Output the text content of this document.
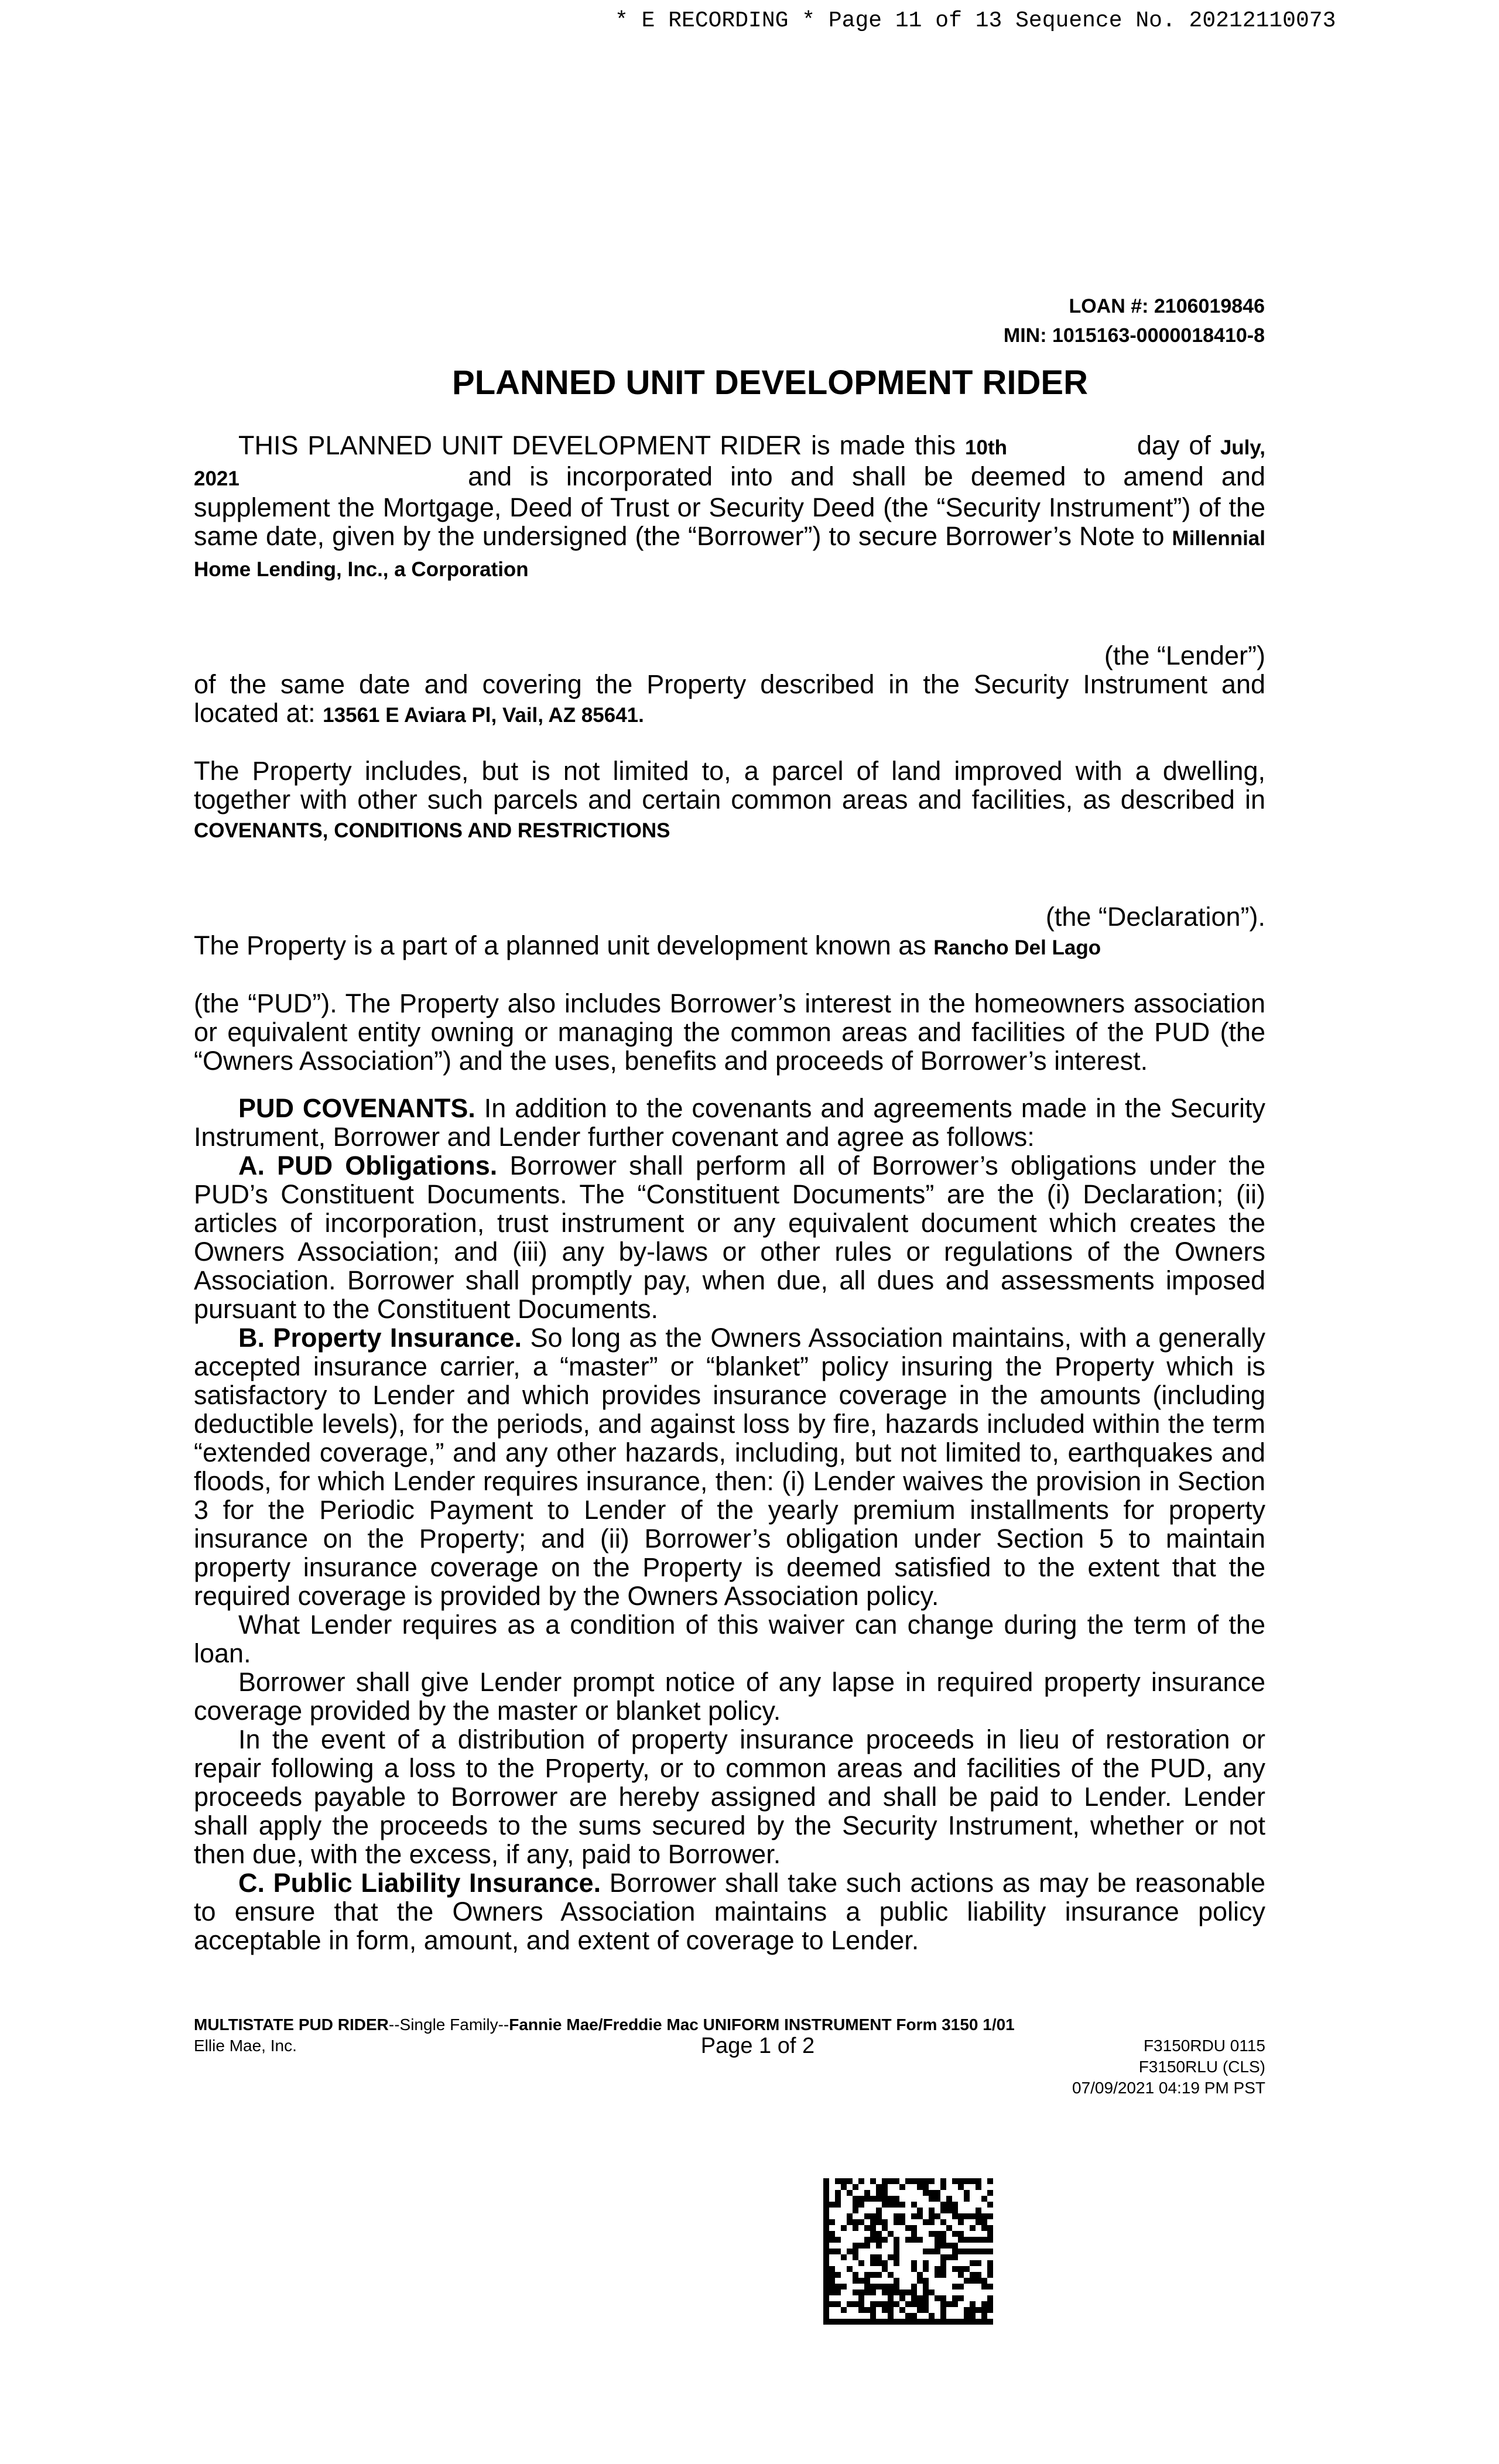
* E RECORDING * Page 11 of 13 Sequence No. 20212110073
LOAN #: 2106019846
MIN: 1015163-0000018410-8
PLANNED UNIT DEVELOPMENT RIDER

THIS PLANNED UNIT DEVELOPMENT RIDER is made this 10th	day of July, 2021	and is incorporated into and shall be deemed to amend and supplement the Mortgage, Deed of Trust or Security Deed (the “Security Instrument”) of the same date, given by the undersigned (the “Borrower”) to secure Borrower’s Note to Millennial Home Lending, Inc., a Corporation

(the “Lender”)

of the same date and covering the Property described in the Security Instrument and located at: 13561 E Aviara Pl, Vail, AZ 85641.

The Property includes, but is not limited to, a parcel of land improved with a dwelling, together with other such parcels and certain common areas and facilities, as described in COVENANTS, CONDITIONS AND RESTRICTIONS

(the “Declaration”).

The Property is a part of a planned unit development known as Rancho Del Lago

(the “PUD”). The Property also includes Borrower’s interest in the homeowners association or equivalent entity owning or managing the common areas and facilities of the PUD (the “Owners Association”) and the uses, benefits and proceeds of Borrower’s interest.

PUD COVENANTS. In addition to the covenants and agreements made in the Security Instrument, Borrower and Lender further covenant and agree as follows:

A. PUD Obligations. Borrower shall perform all of Borrower’s obligations under the PUD’s Constituent Documents. The “Constituent Documents” are the (i) Declaration; (ii) articles of incorporation, trust instrument or any equivalent document which creates the Owners Association; and (iii) any by-laws or other rules or regulations of the Owners Association. Borrower shall promptly pay, when due, all dues and assessments imposed pursuant to the Constituent Documents.

B. Property Insurance. So long as the Owners Association maintains, with a generally accepted insurance carrier, a “master” or “blanket” policy insuring the Property which is satisfactory to Lender and which provides insurance coverage in the amounts (including deductible levels), for the periods, and against loss by fire, hazards included within the term “extended coverage,” and any other hazards, including, but not limited to, earthquakes and floods, for which Lender requires insurance, then: (i) Lender waives the provision in Section 3 for the Periodic Payment to Lender of the yearly premium installments for property insurance on the Property; and (ii) Borrower’s obligation under Section 5 to maintain property insurance coverage on the Property is deemed satisfied to the extent that the required coverage is provided by the Owners Association policy.

What Lender requires as a condition of this waiver can change during the term of the loan.

Borrower shall give Lender prompt notice of any lapse in required property insurance coverage provided by the master or blanket policy.

In the event of a distribution of property insurance proceeds in lieu of restoration or repair following a loss to the Property, or to common areas and facilities of the PUD, any proceeds payable to Borrower are hereby assigned and shall be paid to Lender. Lender shall apply the proceeds to the sums secured by the Security Instrument, whether or not then due, with the excess, if any, paid to Borrower.

C. Public Liability Insurance. Borrower shall take such actions as may be reasonable to ensure that the Owners Association maintains a public liability insurance policy acceptable in form, amount, and extent of coverage to Lender.

MULTISTATE PUD RIDER--Single Family--Fannie Mae/Freddie Mac UNIFORM INSTRUMENT Form 3150 1/01
Ellie Mae, Inc.	Page 1 of 2	F3150RDU 0115
F3150RLU (CLS)
07/09/2021 04:19 PM PST
